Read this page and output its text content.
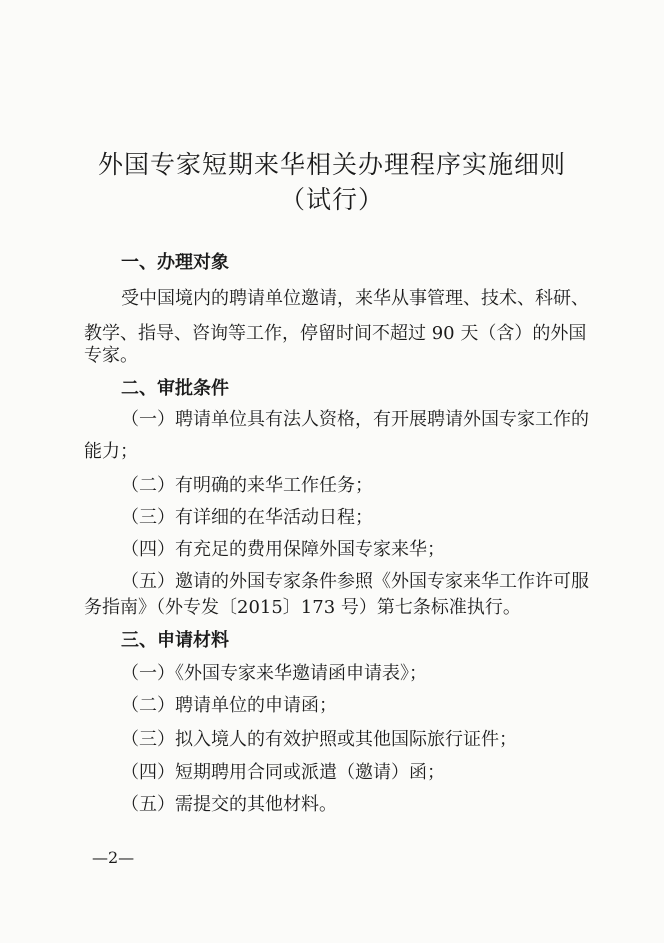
外国专家短期来华相关办理程序实施细则
（试行）
一、办理对象
受中国境内的聘请单位邀请，来华从事管理、技术、科研、
教学、指导、咨询等工作，停留时间不超过 90 天（含）的外国
专家。
二、审批条件
（一）聘请单位具有法人资格，有开展聘请外国专家工作的
能力；
（二）有明确的来华工作任务；
（三）有详细的在华活动日程；
（四）有充足的费用保障外国专家来华；
（五）邀请的外国专家条件参照《外国专家来华工作许可服
务指南》（外专发〔2015〕173 号）第七条标准执行。
三、申请材料
（一）《外国专家来华邀请函申请表》；
（二）聘请单位的申请函；
（三）拟入境人的有效护照或其他国际旅行证件；
（四）短期聘用合同或派遣（邀请）函；
（五）需提交的其他材料。
—2—
